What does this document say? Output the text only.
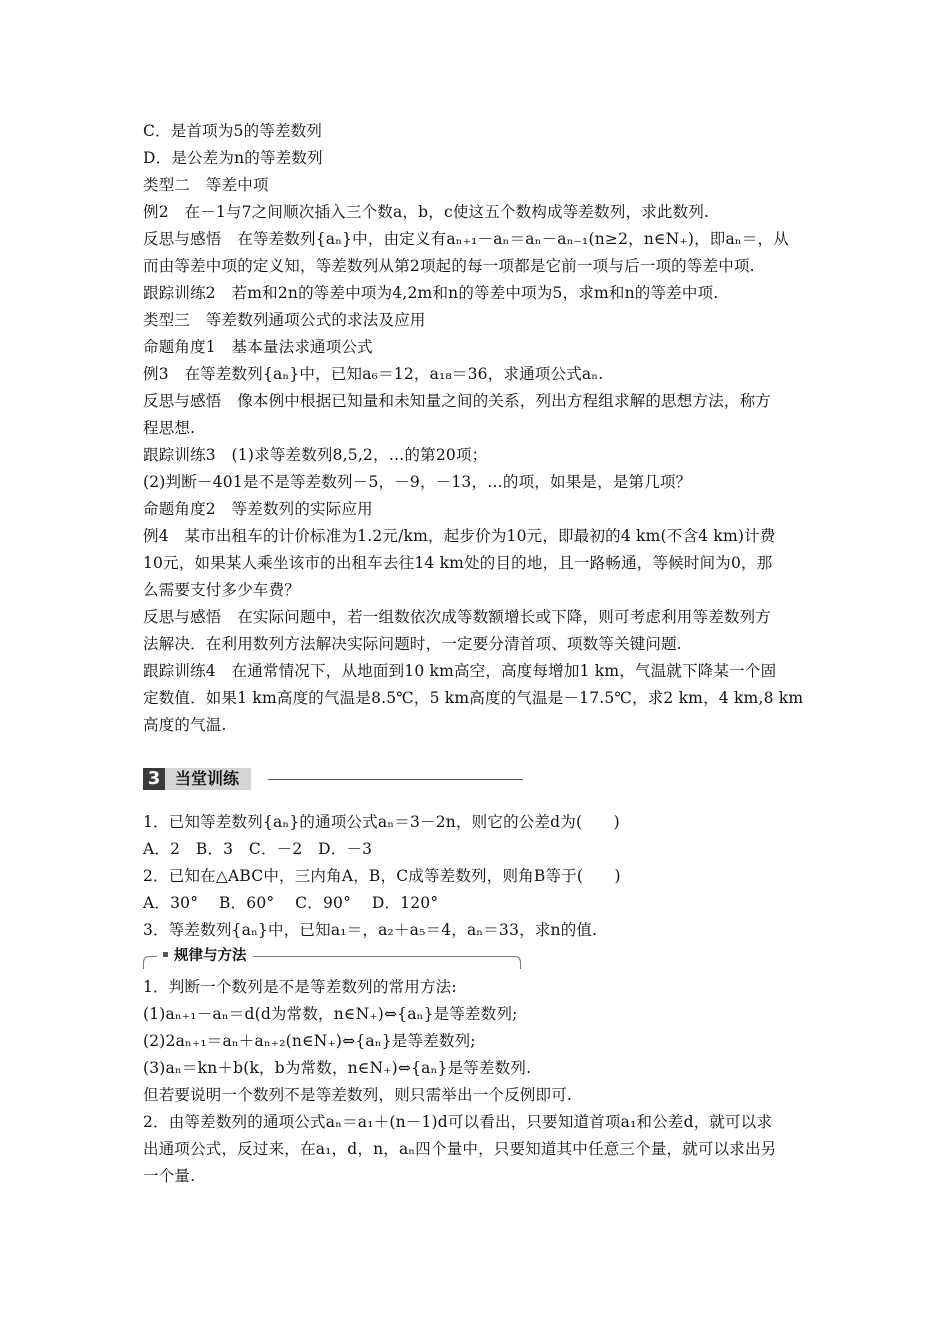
C．是首项为5的等差数列
D．是公差为n的等差数列
类型二　等差中项
例2　在－1与7之间顺次插入三个数a，b，c使这五个数构成等差数列，求此数列.
反思与感悟　在等差数列{aₙ}中，由定义有aₙ₊₁－aₙ＝aₙ－aₙ₋₁(n≥2，n∈N₊)，即aₙ＝，从
而由等差中项的定义知，等差数列从第2项起的每一项都是它前一项与后一项的等差中项.
跟踪训练2　若m和2n的等差中项为4,2m和n的等差中项为5，求m和n的等差中项.
类型三　等差数列通项公式的求法及应用
命题角度1　基本量法求通项公式
例3　在等差数列{aₙ}中，已知a₆＝12，a₁₈＝36，求通项公式aₙ.
反思与感悟　像本例中根据已知量和未知量之间的关系，列出方程组求解的思想方法，称方
程思想.
跟踪训练3　(1)求等差数列8,5,2，…的第20项；
(2)判断－401是不是等差数列－5，－9，－13，…的项，如果是，是第几项？
命题角度2　等差数列的实际应用
例4　某市出租车的计价标准为1.2元/km，起步价为10元，即最初的4 km(不含4 km)计费
10元，如果某人乘坐该市的出租车去往14 km处的目的地，且一路畅通，等候时间为0，那
么需要支付多少车费？
反思与感悟　在实际问题中，若一组数依次成等数额增长或下降，则可考虑利用等差数列方
法解决．在利用数列方法解决实际问题时，一定要分清首项、项数等关键问题.
跟踪训练4　在通常情况下，从地面到10 km高空，高度每增加1 km，气温就下降某一个固
定数值．如果1 km高度的气温是8.5℃，5 km高度的气温是－17.5℃，求2 km，4 km,8 km
高度的气温.
3 当堂训练
1．已知等差数列{aₙ}的通项公式aₙ＝3－2n，则它的公差d为(　　)
A．2　B．3　C．－2　D．－3
2．已知在△ABC中，三内角A，B，C成等差数列，则角B等于(　　)
A．30°　 B．60°　 C．90°　 D．120°
3．等差数列{aₙ}中，已知a₁＝，a₂＋a₅＝4，aₙ＝33，求n的值.
规律与方法
1．判断一个数列是不是等差数列的常用方法:
(1)aₙ₊₁－aₙ＝d(d为常数，n∈N₊)⇔{aₙ}是等差数列;
(2)2aₙ₊₁＝aₙ＋aₙ₊₂(n∈N₊)⇔{aₙ}是等差数列;
(3)aₙ＝kn＋b(k，b为常数，n∈N₊)⇔{aₙ}是等差数列.
但若要说明一个数列不是等差数列，则只需举出一个反例即可.
2．由等差数列的通项公式aₙ＝a₁＋(n－1)d可以看出，只要知道首项a₁和公差d，就可以求
出通项公式，反过来，在a₁，d，n，aₙ四个量中，只要知道其中任意三个量，就可以求出另
一个量.
